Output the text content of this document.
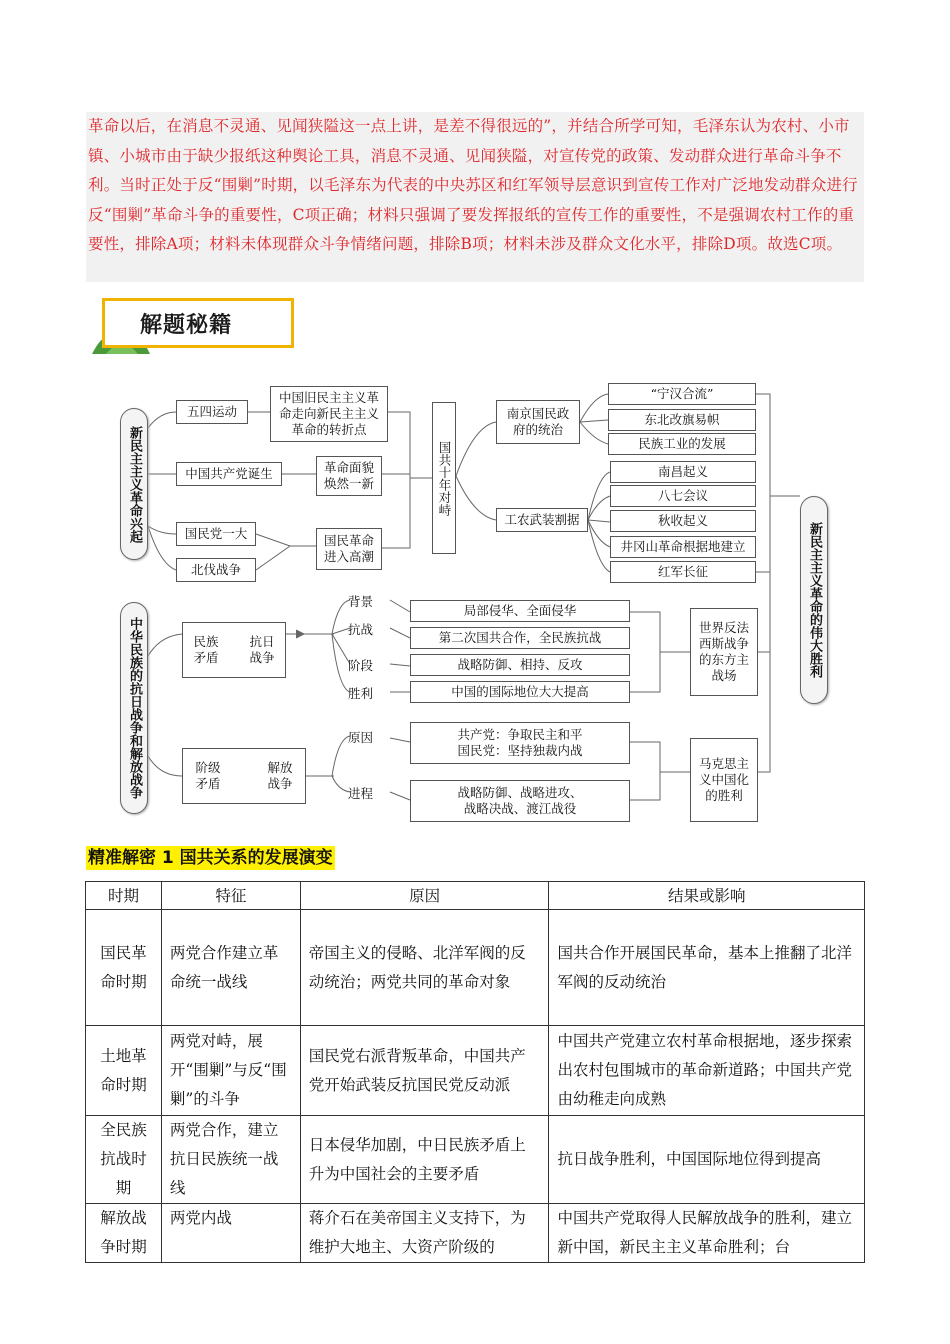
革命以后，在消息不灵通、见闻狭隘这一点上讲，是差不得很远的”，并结合所学可知，毛泽东认为农村、小市镇、小城市由于缺少报纸这种舆论工具，消息不灵通、见闻狭隘，对宣传党的政策、发动群众进行革命斗争不利。当时正处于反“围剿”时期，以毛泽东为代表的中央苏区和红军领导层意识到宣传工作对广泛地发动群众进行反“围剿”革命斗争的重要性，C项正确；材料只强调了要发挥报纸的宣传工作的重要性，不是强调农村工作的重要性，排除A项；材料未体现群众斗争情绪问题，排除B项；材料未涉及群众文化水平，排除D项。故选C项。
解题秘籍
新民主主义革命兴起
中华民族的抗日战争和解放战争
新民主主义革命的伟大胜利
五四运动
中国旧民主主义革命走向新民主主义革命的转折点
中国共产党诞生	革命面貌焕然一新
国民党一大
北伐战争
国民革命进入高潮
国共十年对峙
南京国民政府的统治
“宁汉合流”
东北改旗易帜
民族工业的发展
工农武装割据
南昌起义
八七会议
秋收起义
井冈山革命根据地建立
红军长征
民族矛盾
抗日战争
背景
抗战
阶段
胜利
局部侵华、全面侵华
第二次国共合作，全民族抗战
战略防御、相持、反攻
中国的国际地位大大提高
世界反法西斯战争的东方主战场
阶级矛盾
解放战争
原因
进程
共产党：争取民主和平
国民党：坚持独裁内战
战略防御、战略进攻、
战略决战、渡江战役
马克思主义中国化的胜利
精准解密 1 国共关系的发展演变
时期	特征	原因	结果或影响
国民革命时期	两党合作建立革命统一战线	帝国主义的侵略、北洋军阀的反动统治；两党共同的革命对象	国共合作开展国民革命，基本上推翻了北洋军阀的反动统治
土地革命时期	两党对峙，展开“围剿”与反“围剿”的斗争	国民党右派背叛革命，中国共产党开始武装反抗国民党反动派	中国共产党建立农村革命根据地，逐步探索出农村包围城市的革命新道路；中国共产党由幼稚走向成熟
全民族抗战时期	两党合作，建立抗日民族统一战线	日本侵华加剧，中日民族矛盾上升为中国社会的主要矛盾	抗日战争胜利，中国国际地位得到提高
解放战争时期	两党内战	蒋介石在美帝国主义支持下，为维护大地主、大资产阶级的	中国共产党取得人民解放战争的胜利，建立新中国，新民主主义革命胜利；台
